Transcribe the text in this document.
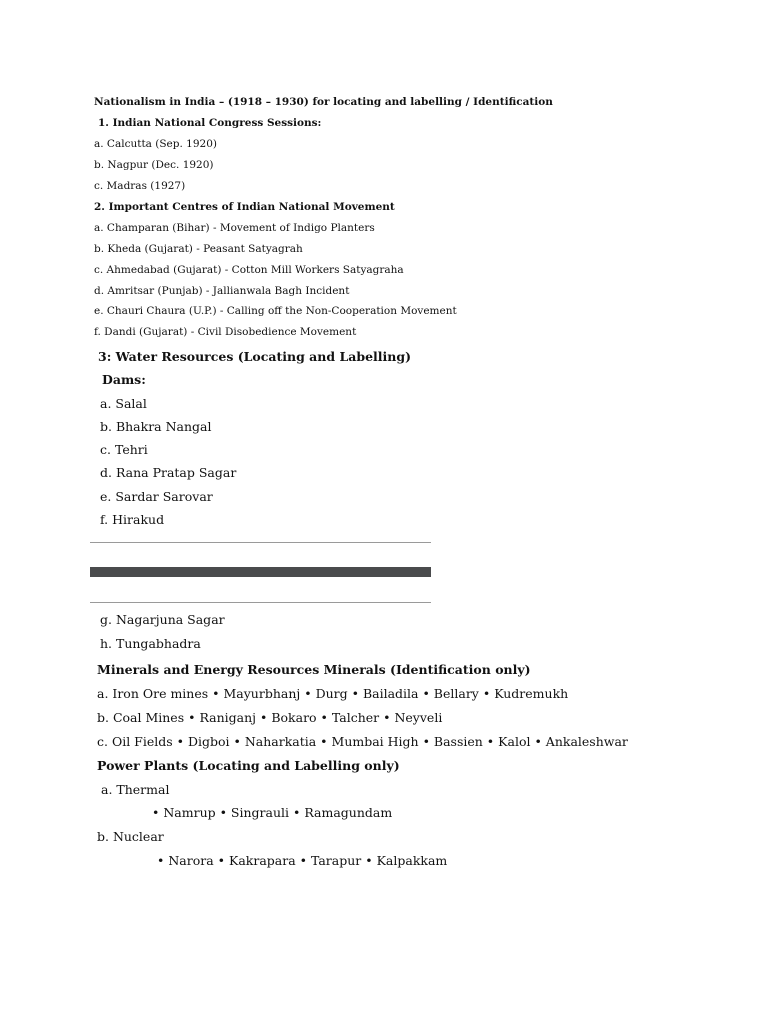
Nationalism in India – (1918 – 1930) for locating and labelling / Identification
1. Indian National Congress Sessions:
a. Calcutta (Sep. 1920)
b. Nagpur (Dec. 1920)
c. Madras (1927)
2. Important Centres of Indian National Movement
a. Champaran (Bihar) - Movement of Indigo Planters
b. Kheda (Gujarat) - Peasant Satyagrah
c. Ahmedabad (Gujarat) - Cotton Mill Workers Satyagraha
d. Amritsar (Punjab) - Jallianwala Bagh Incident
e. Chauri Chaura (U.P.) - Calling off the Non-Cooperation Movement
f. Dandi (Gujarat) - Civil Disobedience Movement
3: Water Resources (Locating and Labelling)
Dams:
a. Salal
b. Bhakra Nangal
c. Tehri
d. Rana Pratap Sagar
e. Sardar Sarovar
f. Hirakud
g. Nagarjuna Sagar
h. Tungabhadra
Minerals and Energy Resources Minerals (Identification only)
a. Iron Ore mines • Mayurbhanj • Durg • Bailadila • Bellary • Kudremukh
b. Coal Mines • Raniganj • Bokaro • Talcher • Neyveli
c. Oil Fields • Digboi • Naharkatia • Mumbai High • Bassien • Kalol • Ankaleshwar
Power Plants (Locating and Labelling only)
a. Thermal
• Namrup • Singrauli • Ramagundam
b. Nuclear
• Narora • Kakrapara • Tarapur • Kalpakkam
